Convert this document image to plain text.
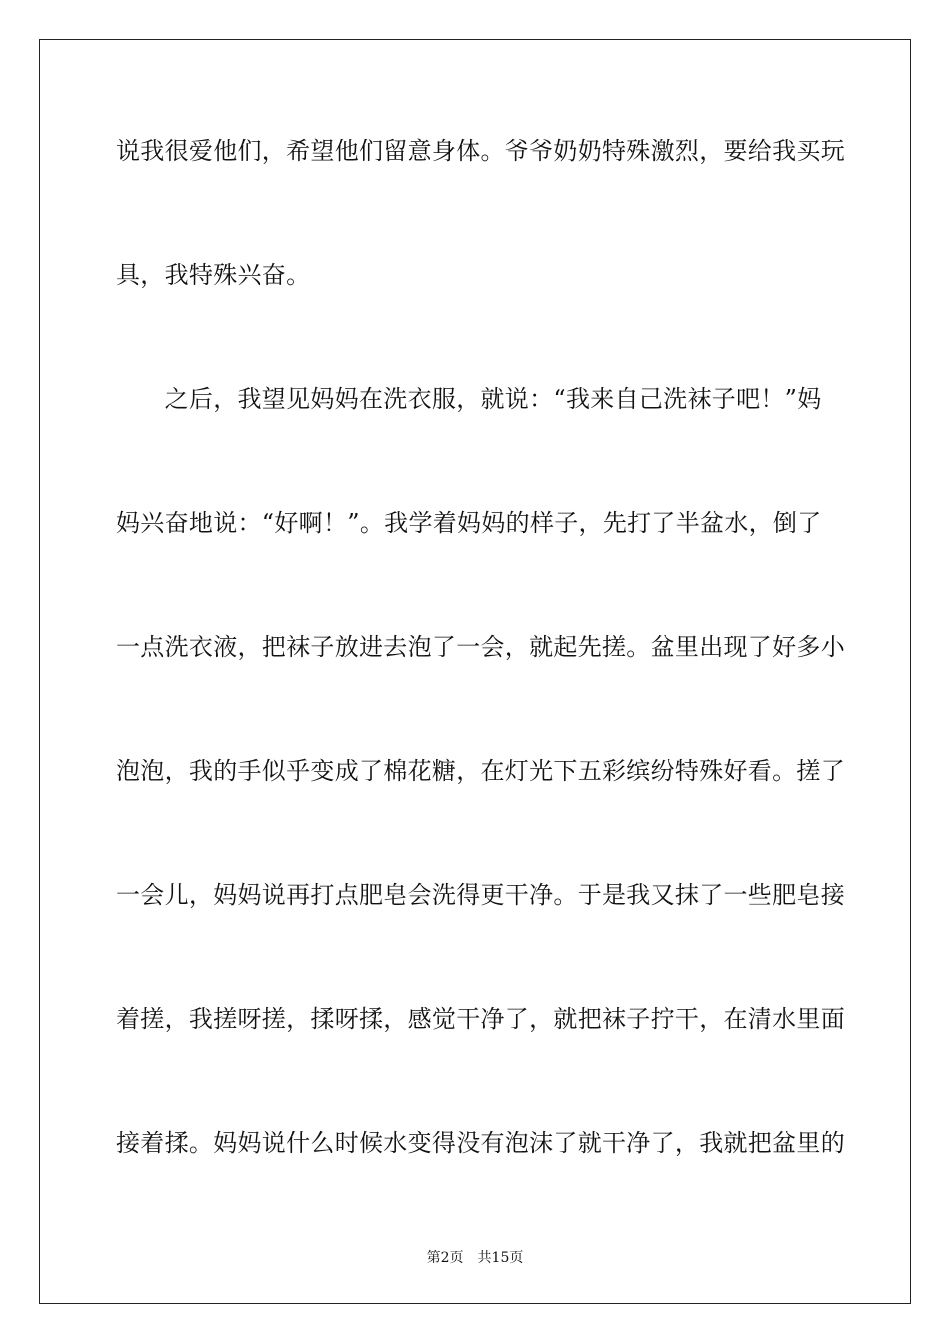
说我很爱他们，希望他们留意身体。爷爷奶奶特殊激烈，要给我买玩
具，我特殊兴奋。
　　之后，我望见妈妈在洗衣服，就说：“我来自己洗袜子吧！”妈
妈兴奋地说：“好啊！”。我学着妈妈的样子，先打了半盆水，倒了
一点洗衣液，把袜子放进去泡了一会，就起先搓。盆里出现了好多小
泡泡，我的手似乎变成了棉花糖，在灯光下五彩缤纷特殊好看。搓了
一会儿，妈妈说再打点肥皂会洗得更干净。于是我又抹了一些肥皂接
着搓，我搓呀搓，揉呀揉，感觉干净了，就把袜子拧干，在清水里面
接着揉。妈妈说什么时候水变得没有泡沫了就干净了，我就把盆里的
第2页 共15页
